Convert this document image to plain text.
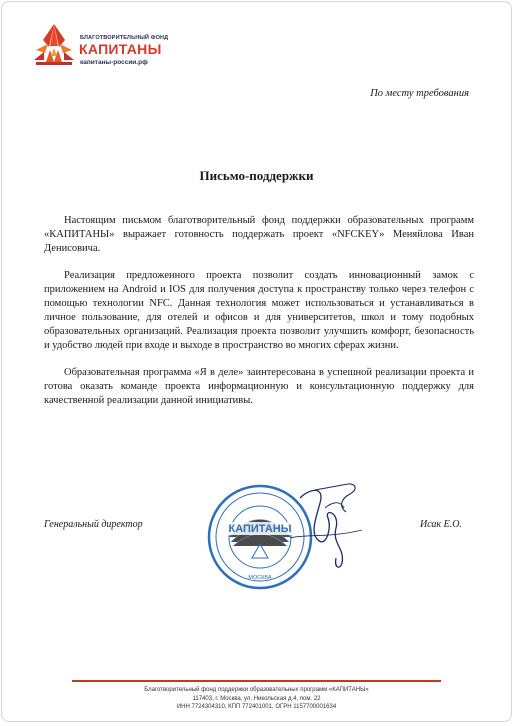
БЛАГОТВОРИТЕЛЬНЫЙ ФОНД
КАПИТАНЫ
капитаны-россии.рф
По месту требования
Письмо-поддержки

Настоящим письмом благотворительный фонд поддержки образовательных программ «КАПИТАНЫ» выражает готовность поддержать проект «NFCKEY» Меняйлова Иван Денисовича.

Реализация предложенного проекта позволит создать инновационный замок с приложением на Android и IOS для получения доступа к пространству только через телефон с помощью технологии NFC. Данная технология может использоваться и устанавливаться в личное пользование, для отелей и офисов и для университетов, школ и тому подобных образовательных организаций. Реализация проекта позволит улучшить комфорт, безопасность и удобство людей при входе и выходе в пространство во многих сферах жизни.

Образовательная программа «Я в деле» заинтересована в успешной реализации проекта и готова оказать команде проекта информационную и консультационную поддержку для качественной реализации данной инициативы.

Генеральный директор	Исак Е.О.
КАПИТАНЫ
МОСКВА
Благотворительный фонд поддержки образовательных программ «КАПИТАНЫ»
117403, г. Москва, ул. Никольская д.4, пом. 22
ИНН 7724304310, КПП 772401001, ОГРН 1157700001634
